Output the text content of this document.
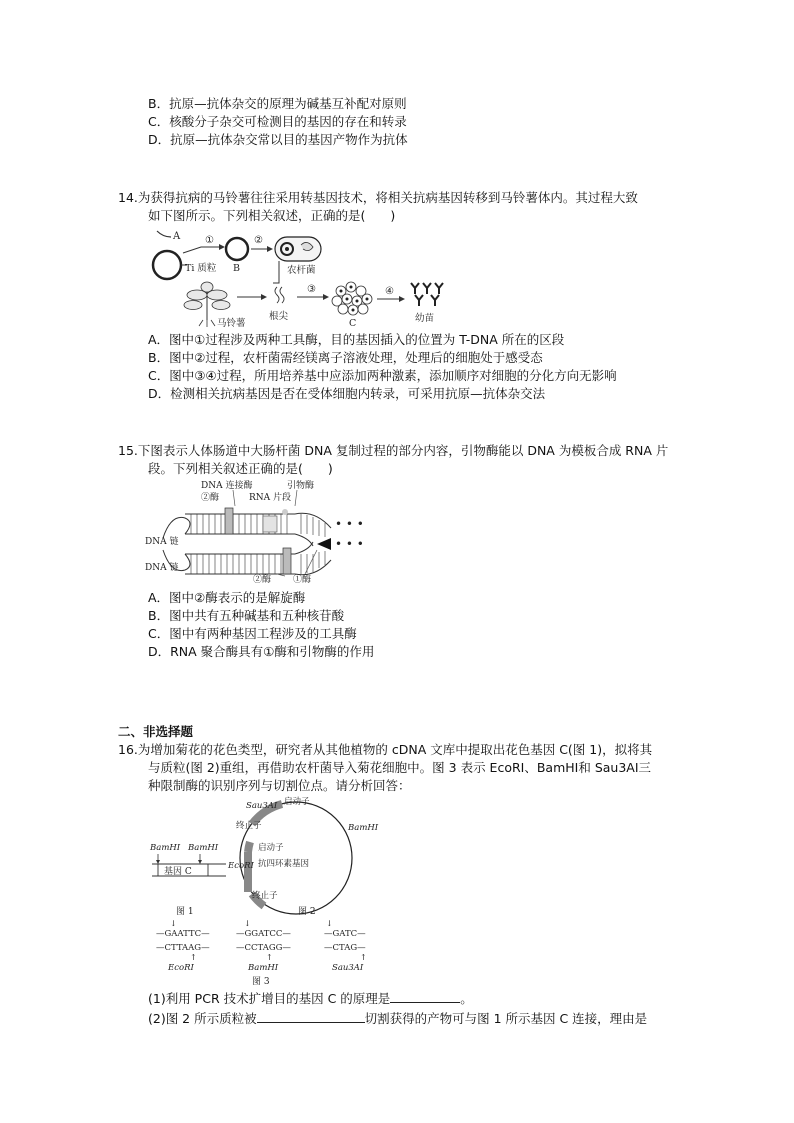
B．抗原—抗体杂交的原理为碱基互补配对原则
C．核酸分子杂交可检测目的基因的存在和转录
D．抗原—抗体杂交常以目的基因产物作为抗体
14.为获得抗病的马铃薯往往采用转基因技术，将相关抗病基因转移到马铃薯体内。其过程大致
如下图所示。下列相关叙述，正确的是(　　)
A
Ti 质粒
①
B
②
农杆菌
马铃薯
根尖
③
C
④
幼苗
A．图中①过程涉及两种工具酶，目的基因插入的位置为 T-DNA 所在的区段
B．图中②过程，农杆菌需经镁离子溶液处理，处理后的细胞处于感受态
C．图中③④过程，所用培养基中应添加两种激素，添加顺序对细胞的分化方向无影响
D．检测相关抗病基因是否在受体细胞内转录，可采用抗原—抗体杂交法
15.下图表示人体肠道中大肠杆菌 DNA 复制过程的部分内容，引物酶能以 DNA 为模板合成 RNA 片
段。下列相关叙述正确的是(　　)
DNA 连接酶	引物酶
②酶	RNA 片段
• • •
• • •
DNA 链
DNA 链
②酶 ①酶
A．图中②酶表示的是解旋酶
B．图中共有五种碱基和五种核苷酸
C．图中有两种基因工程涉及的工具酶
D．RNA 聚合酶具有①酶和引物酶的作用
二、非选择题
16.为增加菊花的花色类型，研究者从其他植物的 cDNA 文库中提取出花色基因 C(图 1)，拟将其
与质粒(图 2)重组，再借助农杆菌导入菊花细胞中。图 3 表示 EcoRⅠ、BamHⅠ和 Sau3AⅠ三
种限制酶的识别序列与切割位点。请分析回答：
BamHⅠ BamHⅠ
基因 C
图 1
Sau3AⅠ 启动子
终止子	BamHⅠ
启动子
EcoRⅠ 抗四环素基因
终止子
图 2
↓
—GAATTC—
—CTTAAG—
↑
EcoRⅠ
↓
—GGATCC—
—CCTAGG—
↑
BamHⅠ
↓
—GATC—
—CTAG—
↑
Sau3AⅠ
图 3
(1)利用 PCR 技术扩增目的基因 C 的原理是	。
(2)图 2 所示质粒被	切割获得的产物可与图 1 所示基因 C 连接，理由是
